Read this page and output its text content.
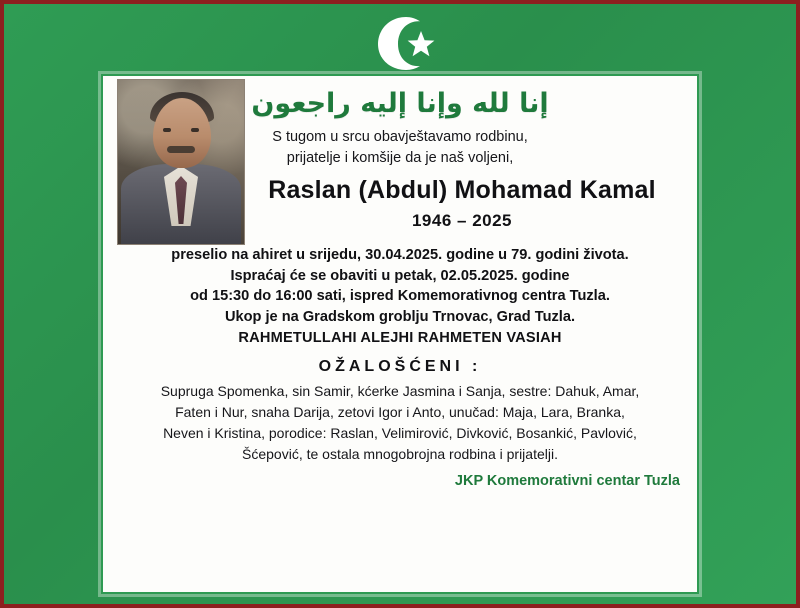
إنا لله وإنا إليه راجعون
S tugom u srcu obavještavamo rodbinu,
prijatelje i komšije da je naš voljeni,
Raslan (Abdul) Mohamad Kamal
1946 – 2025
preselio na ahiret u srijedu, 30.04.2025. godine u 79. godini života.
Ispraćaj će se obaviti u petak, 02.05.2025. godine
od 15:30 do 16:00 sati, ispred Komemorativnog centra Tuzla.
Ukop je na Gradskom groblju Trnovac, Grad Tuzla.
RAHMETULLAHI ALEJHI RAHMETEN VASIAH
OŽALOŠĆENI :
Supruga Spomenka, sin Samir, kćerke Jasmina i Sanja, sestre: Dahuk, Amar,
Faten i Nur, snaha Darija, zetovi Igor i Anto, unučad: Maja, Lara, Branka,
Neven i Kristina, porodice: Raslan, Velimirović, Divković, Bosankić, Pavlović,
Šćepović, te ostala mnogobrojna rodbina i prijatelji.
JKP Komemorativni centar Tuzla
